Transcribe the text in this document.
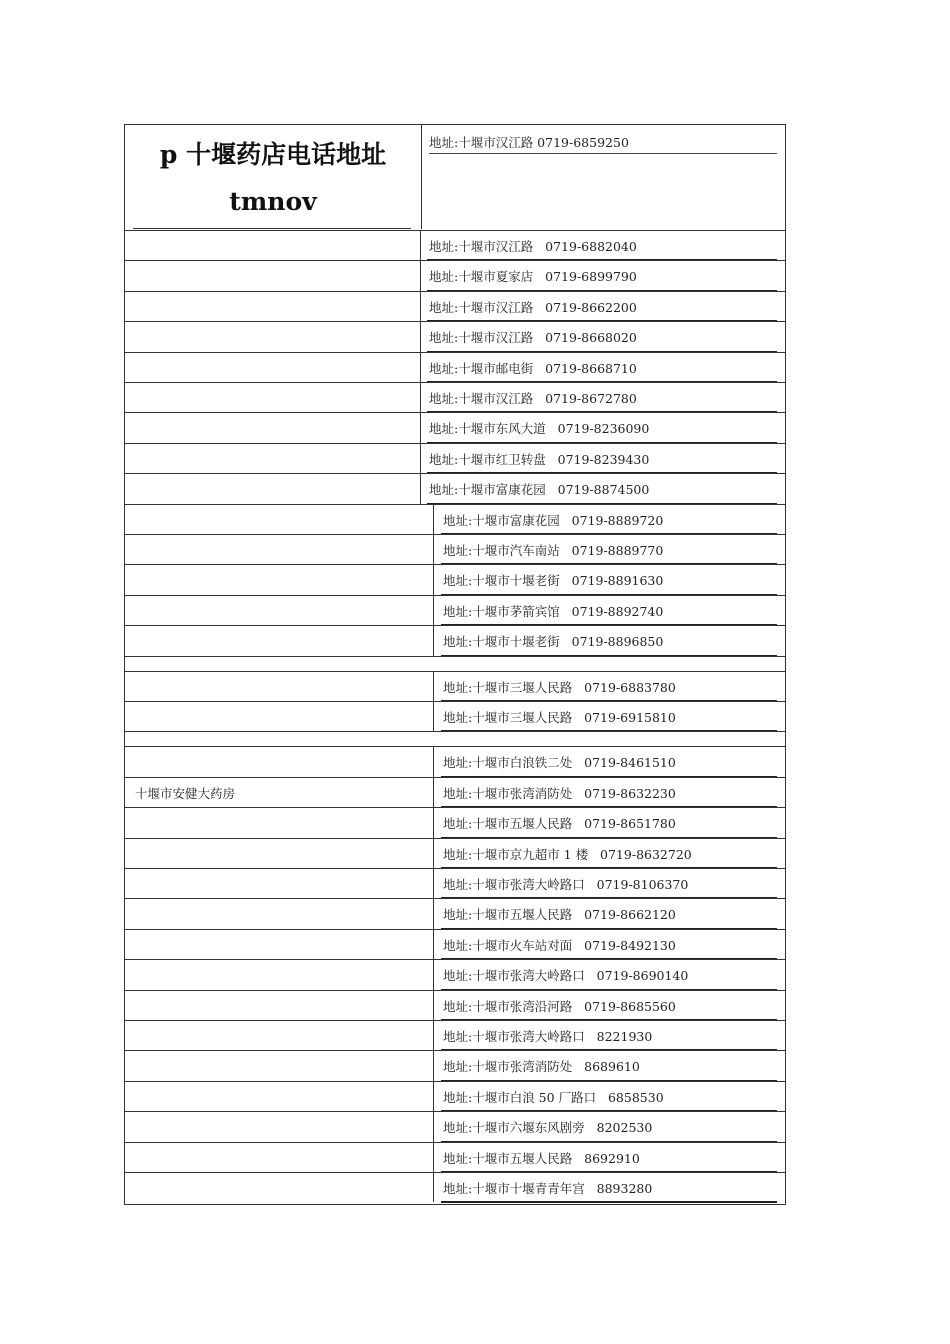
p 十堰药店电话地址
tmnov
地址:十堰市汉江路 0719-6859250
地址:十堰市汉江路   0719-6882040
地址:十堰市夏家店   0719-6899790
地址:十堰市汉江路   0719-8662200
地址:十堰市汉江路   0719-8668020
地址:十堰市邮电街   0719-8668710
地址:十堰市汉江路   0719-8672780
地址:十堰市东风大道   0719-8236090
地址:十堰市红卫转盘   0719-8239430
地址:十堰市富康花园   0719-8874500
地址:十堰市富康花园   0719-8889720
地址:十堰市汽车南站   0719-8889770
地址:十堰市十堰老街   0719-8891630
地址:十堰市茅箭宾馆   0719-8892740
地址:十堰市十堰老街   0719-8896850
地址:十堰市三堰人民路   0719-6883780
地址:十堰市三堰人民路   0719-6915810
地址:十堰市白浪铁二处   0719-8461510
十堰市安健大药房	地址:十堰市张湾消防处   0719-8632230
地址:十堰市五堰人民路   0719-8651780
地址:十堰市京九超市 1 楼   0719-8632720
地址:十堰市张湾大岭路口   0719-8106370
地址:十堰市五堰人民路   0719-8662120
地址:十堰市火车站对面   0719-8492130
地址:十堰市张湾大岭路口   0719-8690140
地址:十堰市张湾沿河路   0719-8685560
地址:十堰市张湾大岭路口   8221930
地址:十堰市张湾消防处   8689610
地址:十堰市白浪 50 厂路口   6858530
地址:十堰市六堰东风剧旁   8202530
地址:十堰市五堰人民路   8692910
地址:十堰市十堰青青年宫   8893280
